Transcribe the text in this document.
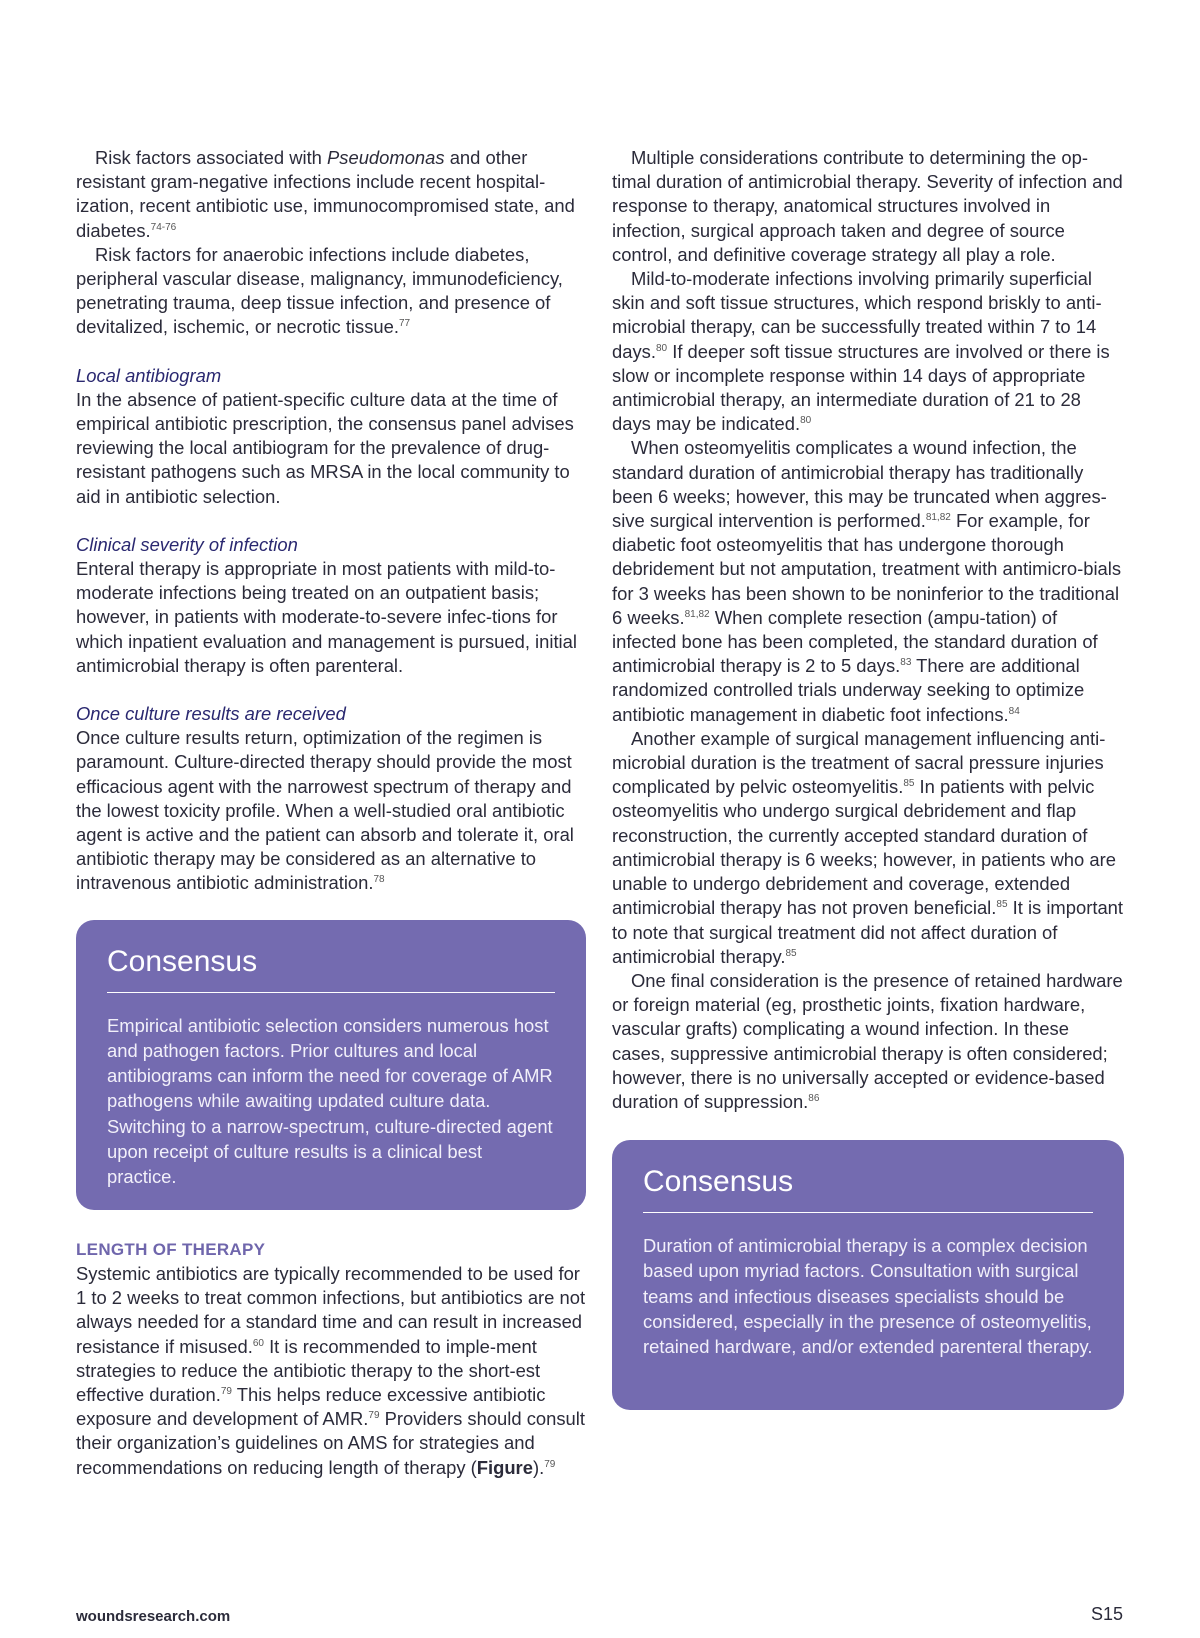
Risk factors associated with Pseudomonas and other resistant gram-negative infections include recent hospital-ization, recent antibiotic use, immunocompromised state, and diabetes.$^{74-76}$

Risk factors for anaerobic infections include diabetes, peripheral vascular disease, malignancy, immunodeficiency, penetrating trauma, deep tissue infection, and presence of devitalized, ischemic, or necrotic tissue.$^{77}$

Local antibiogram

In the absence of patient-specific culture data at the time of empirical antibiotic prescription, the consensus panel advises reviewing the local antibiogram for the prevalence of drug-resistant pathogens such as MRSA in the local community to aid in antibiotic selection.

Clinical severity of infection

Enteral therapy is appropriate in most patients with mild-to-moderate infections being treated on an outpatient basis; however, in patients with moderate-to-severe infec-tions for which inpatient evaluation and management is pursued, initial antimicrobial therapy is often parenteral.

Once culture results are received

Once culture results return, optimization of the regimen is paramount. Culture-directed therapy should provide the most efficacious agent with the narrowest spectrum of therapy and the lowest toxicity profile. When a well-studied oral antibiotic agent is active and the patient can absorb and tolerate it, oral antibiotic therapy may be considered as an alternative to intravenous antibiotic administration.$^{78}$

Consensus
Empirical antibiotic selection considers numerous host and pathogen factors. Prior cultures and local antibiograms can inform the need for coverage of AMR pathogens while awaiting updated culture data. Switching to a narrow-spectrum, culture-directed agent upon receipt of culture results is a clinical best practice.
LENGTH OF THERAPY

Systemic antibiotics are typically recommended to be used for 1 to 2 weeks to treat common infections, but antibiotics are not always needed for a standard time and can result in increased resistance if misused.$^{60}$ It is recommended to imple-ment strategies to reduce the antibiotic therapy to the short-est effective duration.$^{79}$ This helps reduce excessive antibiotic exposure and development of AMR.$^{79}$ Providers should consult their organization’s guidelines on AMS for strategies and recommendations on reducing length of therapy (Figure).$^{79}$

Multiple considerations contribute to determining the op-timal duration of antimicrobial therapy. Severity of infection and response to therapy, anatomical structures involved in infection, surgical approach taken and degree of source control, and definitive coverage strategy all play a role.

Mild-to-moderate infections involving primarily superficial skin and soft tissue structures, which respond briskly to anti-microbial therapy, can be successfully treated within 7 to 14 days.$^{80}$ If deeper soft tissue structures are involved or there is slow or incomplete response within 14 days of appropriate antimicrobial therapy, an intermediate duration of 21 to 28 days may be indicated.$^{80}$

When osteomyelitis complicates a wound infection, the standard duration of antimicrobial therapy has traditionally been 6 weeks; however, this may be truncated when aggres-sive surgical intervention is performed.$^{81,82}$ For example, for diabetic foot osteomyelitis that has undergone thorough debridement but not amputation, treatment with antimicro-bials for 3 weeks has been shown to be noninferior to the traditional 6 weeks.$^{81,82}$ When complete resection (ampu-tation) of infected bone has been completed, the standard duration of antimicrobial therapy is 2 to 5 days.$^{83}$ There are additional randomized controlled trials underway seeking to optimize antibiotic management in diabetic foot infections.$^{84}$

Another example of surgical management influencing anti-microbial duration is the treatment of sacral pressure injuries complicated by pelvic osteomyelitis.$^{85}$ In patients with pelvic osteomyelitis who undergo surgical debridement and flap reconstruction, the currently accepted standard duration of antimicrobial therapy is 6 weeks; however, in patients who are unable to undergo debridement and coverage, extended antimicrobial therapy has not proven beneficial.$^{85}$ It is important to note that surgical treatment did not affect duration of antimicrobial therapy.$^{85}$

One final consideration is the presence of retained hardware or foreign material (eg, prosthetic joints, fixation hardware, vascular grafts) complicating a wound infection. In these cases, suppressive antimicrobial therapy is often considered; however, there is no universally accepted or evidence-based duration of suppression.$^{86}$

Consensus
Duration of antimicrobial therapy is a complex decision based upon myriad factors. Consultation with surgical teams and infectious diseases specialists should be considered, especially in the presence of osteomyelitis, retained hardware, and/or extended parenteral therapy.
woundsresearch.com	S15
